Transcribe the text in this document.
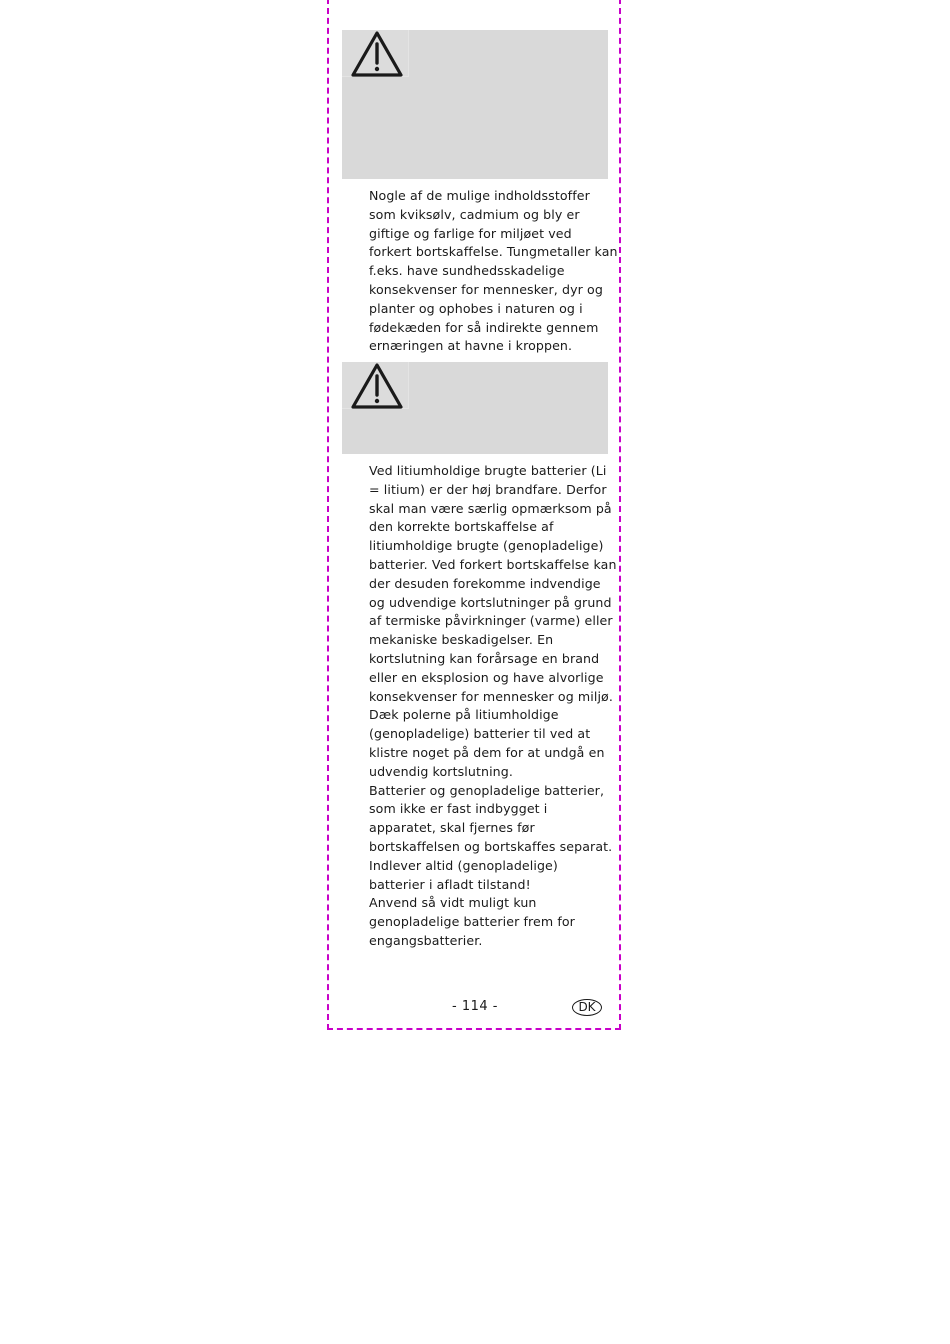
Nogle af de mulige indholdsstoffer
som kviksølv, cadmium og bly er
giftige og farlige for miljøet ved
forkert bortskaffelse. Tungmetaller kan
f.eks. have sundhedsskadelige
konsekvenser for mennesker, dyr og
planter og ophobes i naturen og i
fødekæden for så indirekte gennem
ernæringen at havne i kroppen.
Ved litiumholdige brugte batterier (Li
= litium) er der høj brandfare. Derfor
skal man være særlig opmærksom på
den korrekte bortskaffelse af
litiumholdige brugte (genopladelige)
batterier. Ved forkert bortskaffelse kan
der desuden forekomme indvendige
og udvendige kortslutninger på grund
af termiske påvirkninger (varme) eller
mekaniske beskadigelser. En
kortslutning kan forårsage en brand
eller en eksplosion og have alvorlige
konsekvenser for mennesker og miljø.
Dæk polerne på litiumholdige
(genopladelige) batterier til ved at
klistre noget på dem for at undgå en
udvendig kortslutning.
Batterier og genopladelige batterier,
som ikke er fast indbygget i
apparatet, skal fjernes før
bortskaffelsen og bortskaffes separat.
Indlever altid (genopladelige)
batterier i afladt tilstand!
Anvend så vidt muligt kun
genopladelige batterier frem for
engangsbatterier.
- 114 -	DK
